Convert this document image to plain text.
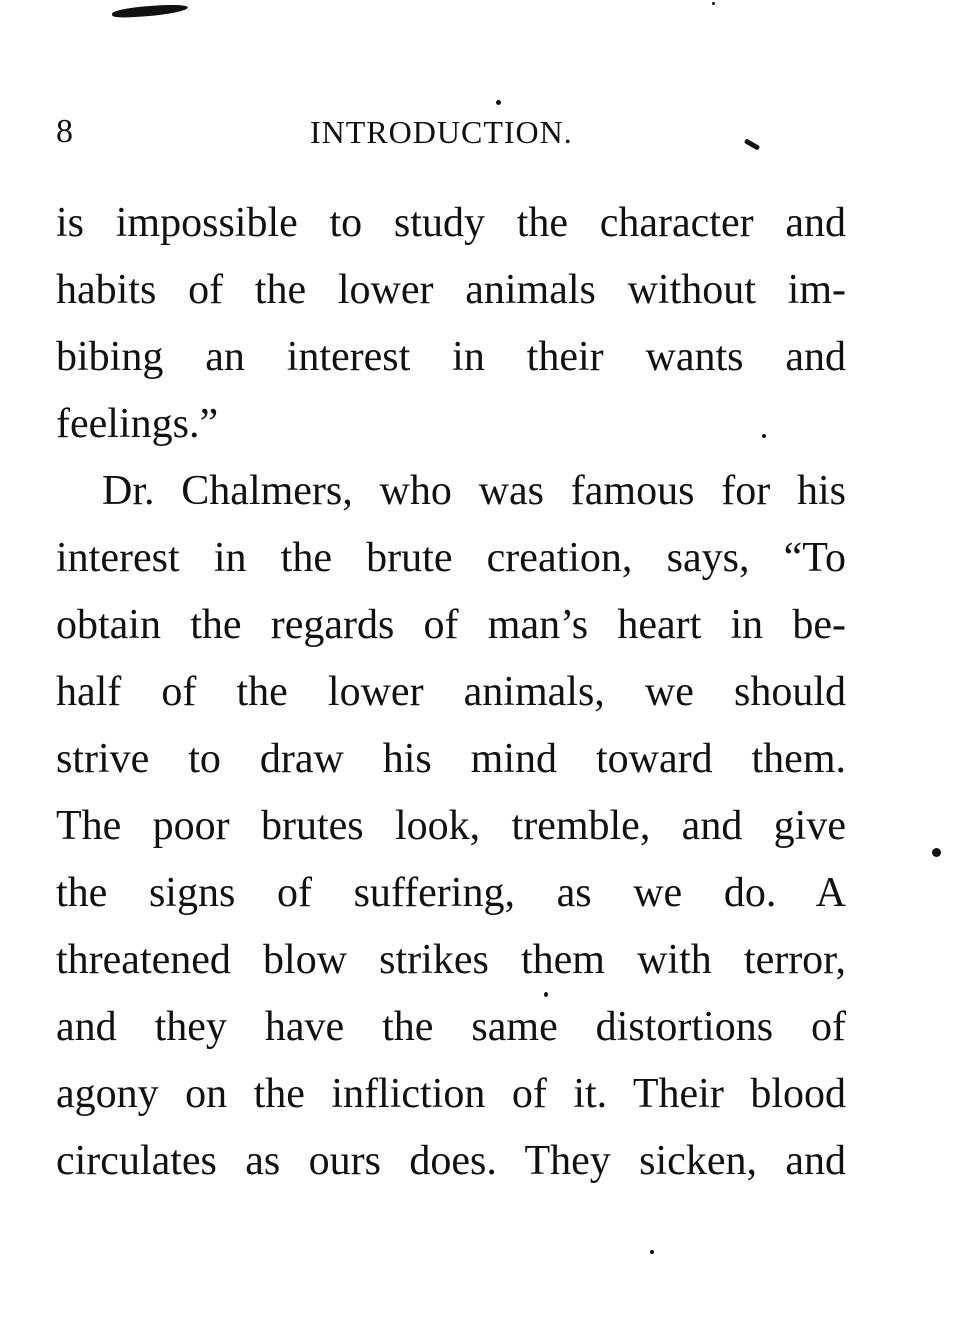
8	INTRODUCTION.
is impossible to study the character and
habits of the lower animals without im-
bibing an interest in their wants and
feelings.”
Dr. Chalmers, who was famous for his
interest in the brute creation, says, “To
obtain the regards of man’s heart in be-
half of the lower animals, we should
strive to draw his mind toward them.
The poor brutes look, tremble, and give
the signs of suffering, as we do. A
threatened blow strikes them with terror,
and they have the same distortions of
agony on the infliction of it. Their blood
circulates as ours does. They sicken, and
